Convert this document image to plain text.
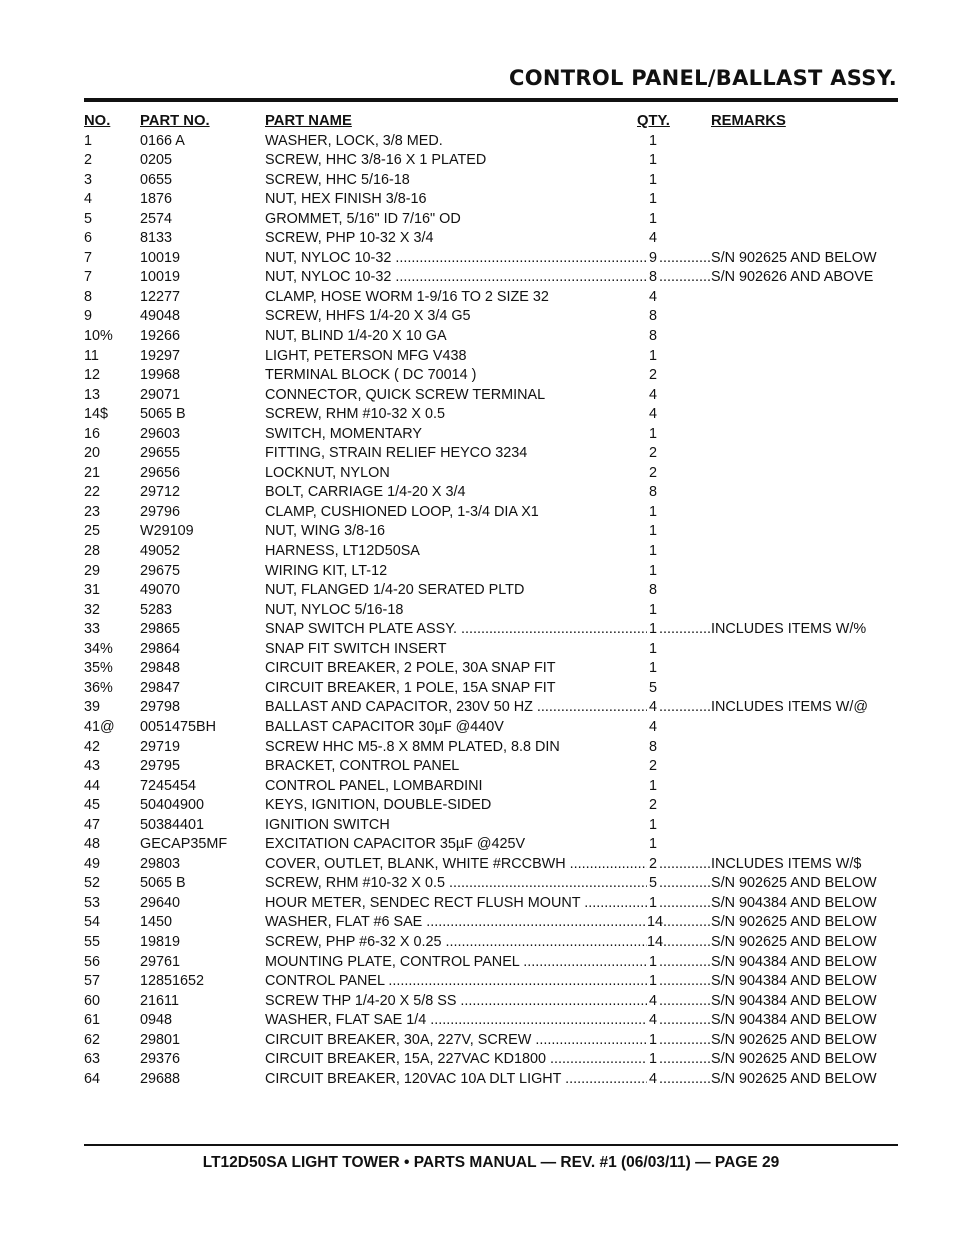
CONTROL PANEL/BALLAST ASSY.
NO. PART NO.	PART NAME	QTY.	REMARKS
1	0166 A	WASHER, LOCK, 3/8 MED.	1
2	0205	SCREW, HHC 3/8-16 X 1 PLATED	1
3	0655	SCREW, HHC 5/16-18	1
4	1876	NUT, HEX FINISH 3/8-16	1
5	2574	GROMMET, 5/16" ID 7/16" OD	1
6	8133	SCREW, PHP 10-32 X 3/4	4
7	10019	NUT, NYLOC 10-32 .....	9	S/N 902625 AND BELOW
.....
7	10019	NUT, NYLOC 10-32 .....	8	S/N 902626 AND ABOVE
.....
8	12277	CLAMP, HOSE WORM 1-9/16 TO 2 SIZE 32	4
9	49048	SCREW, HHFS 1/4-20 X 3/4 G5	8
10% 19266	NUT, BLIND 1/4-20 X 10 GA	8
11	19297	LIGHT, PETERSON MFG V438	1
12	19968	TERMINAL BLOCK ( DC 70014 )	2
13	29071	CONNECTOR, QUICK SCREW TERMINAL	4
14$ 5065 B	SCREW, RHM #10-32 X 0.5	4
16	29603	SWITCH, MOMENTARY	1
20	29655	FITTING, STRAIN RELIEF HEYCO 3234	2
21	29656	LOCKNUT, NYLON	2
22	29712	BOLT, CARRIAGE 1/4-20 X 3/4	8
23	29796	CLAMP, CUSHIONED LOOP, 1-3/4 DIA X1	1
25	W29109	NUT, WING 3/8-16	1
28	49052	HARNESS, LT12D50SA	1
29	29675	WIRING KIT, LT-12	1
31	49070	NUT, FLANGED 1/4-20 SERATED PLTD	8
32	5283	NUT, NYLOC 5/16-18	1
33	29865	SNAP SWITCH PLATE ASSY. .....	1	INCLUDES ITEMS W/%
.....
34% 29864	SNAP FIT SWITCH INSERT	1
35% 29848	CIRCUIT BREAKER, 2 POLE, 30A SNAP FIT	1
36% 29847	CIRCUIT BREAKER, 1 POLE, 15A SNAP FIT	5
39	29798	BALLAST AND CAPACITOR, 230V 50 HZ .....	4	INCLUDES ITEMS W/@
.....
41@ 0051475BH	BALLAST CAPACITOR 30µF @440V	4
42	29719	SCREW HHC M5-.8 X 8MM PLATED, 8.8 DIN	8
43	29795	BRACKET, CONTROL PANEL	2
44	7245454	CONTROL PANEL, LOMBARDINI	1
45	50404900	KEYS, IGNITION, DOUBLE-SIDED	2
47	50384401	IGNITION SWITCH	1
48	GECAP35MF	EXCITATION CAPACITOR 35µF @425V	1
49	29803	COVER, OUTLET, BLANK, WHITE #RCCBWH .....	2	INCLUDES ITEMS W/$
.....
52	5065 B	SCREW, RHM #10-32 X 0.5 .....	5	S/N 902625 AND BELOW
.....
53	29640	HOUR METER, SENDEC RECT FLUSH MOUNT .....	1	S/N 904384 AND BELOW
.....
54	1450	WASHER, FLAT #6 SAE .....	14	S/N 902625 AND BELOW
.....
55	19819	SCREW, PHP #6-32 X 0.25 .....	14	S/N 902625 AND BELOW
.....
56	29761	MOUNTING PLATE, CONTROL PANEL .....	1	S/N 904384 AND BELOW
.....
57	12851652	CONTROL PANEL .....	1	S/N 904384 AND BELOW
.....
60	21611	SCREW THP 1/4-20 X 5/8 SS .....	4	S/N 904384 AND BELOW
.....
61	0948	WASHER, FLAT SAE 1/4 .....	4	S/N 904384 AND BELOW
.....
62	29801	CIRCUIT BREAKER, 30A, 227V, SCREW .....	1	S/N 902625 AND BELOW
.....
63	29376	CIRCUIT BREAKER, 15A, 227VAC KD1800 .....	1	S/N 902625 AND BELOW
.....
64	29688	CIRCUIT BREAKER, 120VAC 10A DLT LIGHT .....	4	S/N 902625 AND BELOW
.....
LT12D50SA LIGHT TOWER • PARTS MANUAL — REV. #1 (06/03/11) — PAGE 29
